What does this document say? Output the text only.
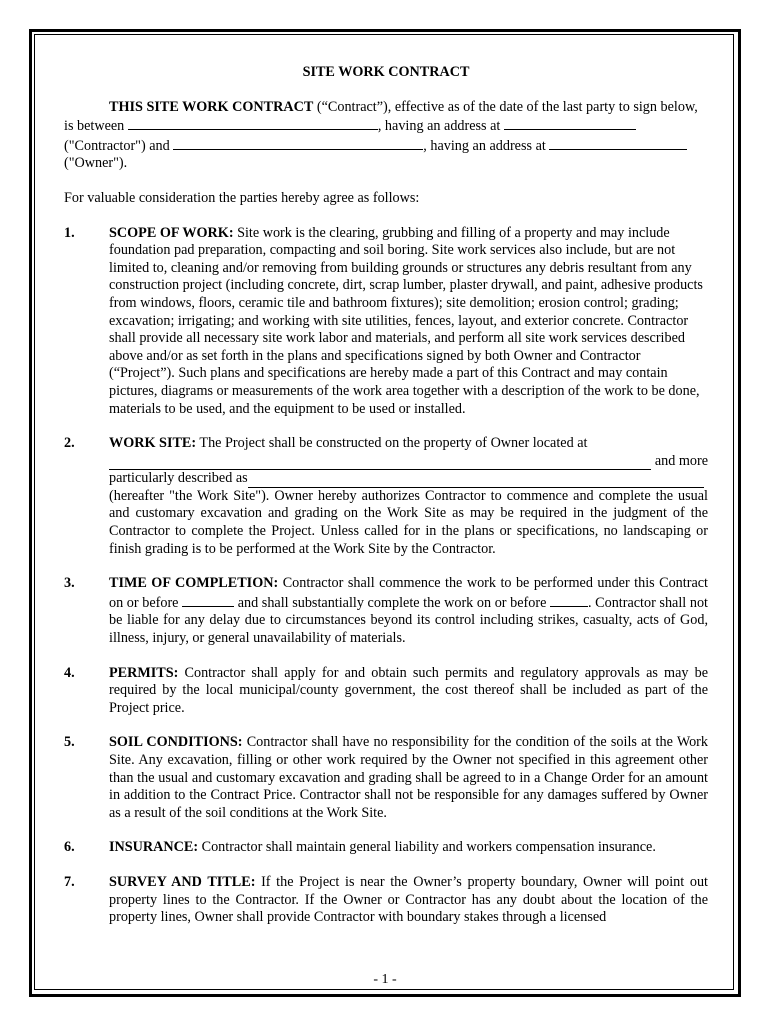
SITE WORK CONTRACT

THIS SITE WORK CONTRACT (“Contract”), effective as of the date of the last party to sign below, is between	, having an address at  ("Contractor") and	, having an address at  ("Owner").

For valuable consideration the parties hereby agree as follows:

1.	SCOPE OF WORK: Site work is the clearing, grubbing and filling of a property and may include foundation pad preparation, compacting and soil boring. Site work services also include, but are not limited to, cleaning and/or removing from building grounds or structures any debris resultant from any construction project (including concrete, dirt, scrap lumber, plaster drywall, and paint, adhesive products from windows, floors, ceramic tile and bathroom fixtures); site demolition; erosion control; grading; excavation; irrigating; and working with site utilities, fences, layout, and exterior concrete. Contractor shall provide all necessary site work labor and materials, and perform all site work services described above and/or as set forth in the plans and specifications signed by both Owner and Contractor (“Project”). Such plans and specifications are hereby made a part of this Contract and may contain pictures, diagrams or measurements of the work area together with a description of the work to be done, materials to be used, and the equipment to be used or installed.
2.	WORK SITE: The Project shall be constructed on the property of Owner located at
and more
particularly described as
(hereafter "the Work Site"). Owner hereby authorizes Contractor to commence and complete the usual and customary excavation and grading on the Work Site as may be required in the judgment of the Contractor to complete the Project. Unless called for in the plans or specifications, no landscaping or finish grading is to be performed at the Work Site by the Contractor.
3.	TIME OF COMPLETION: Contractor shall commence the work to be performed under this Contract on or before	and shall substantially complete the work on or before	. Contractor shall not be liable for any delay due to circumstances beyond its control including strikes, casualty, acts of God, illness, injury, or general unavailability of materials.
4.	PERMITS: Contractor shall apply for and obtain such permits and regulatory approvals as may be required by the local municipal/county government, the cost thereof shall be included as part of the Project price.
5.	SOIL CONDITIONS: Contractor shall have no responsibility for the condition of the soils at the Work Site. Any excavation, filling or other work required by the Owner not specified in this agreement other than the usual and customary excavation and grading shall be agreed to in a Change Order for an amount in addition to the Contract Price. Contractor shall not be responsible for any damages suffered by Owner as a result of the soil conditions at the Work Site.
6.	INSURANCE: Contractor shall maintain general liability and workers compensation insurance.
7.	SURVEY AND TITLE: If the Project is near the Owner’s property boundary, Owner will point out property lines to the Contractor. If the Owner or Contractor has any doubt about the location of the property lines, Owner shall provide Contractor with boundary stakes through a licensed
- 1 -
